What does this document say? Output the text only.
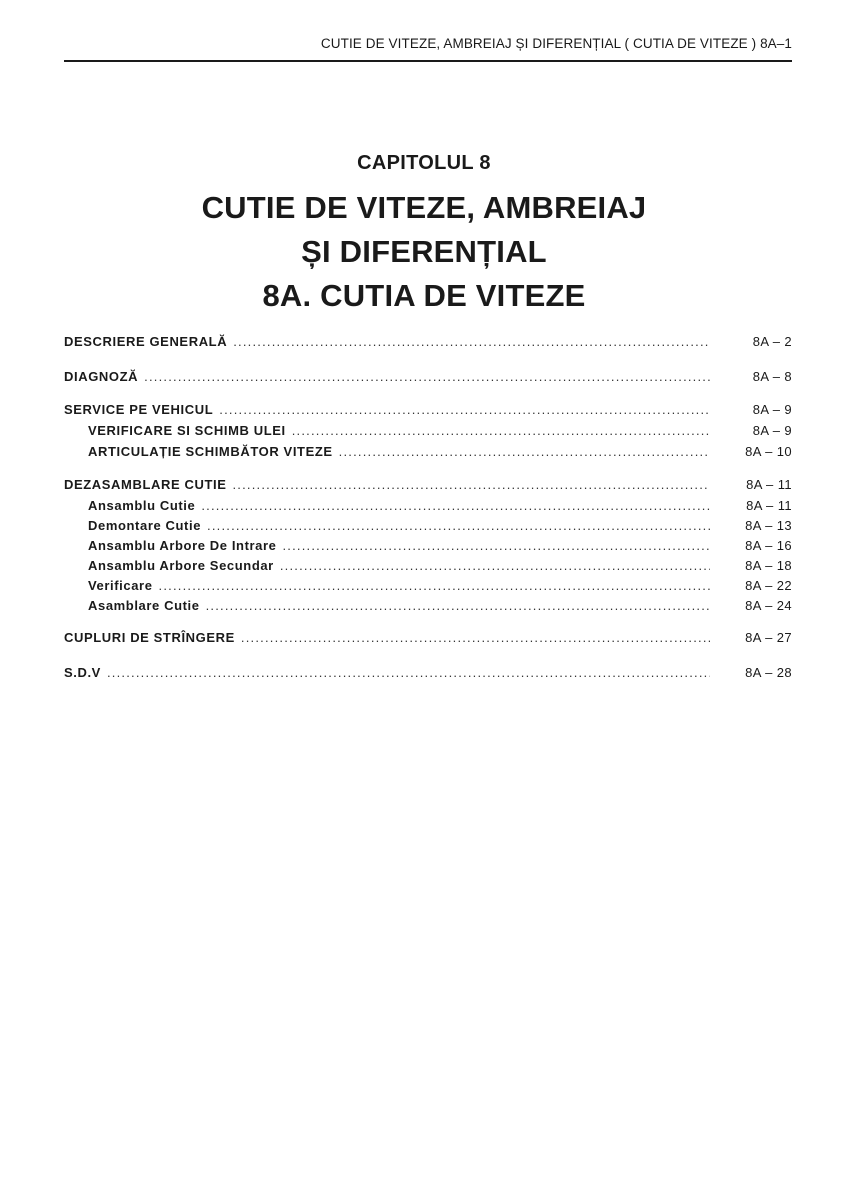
CUTIE DE VITEZE, AMBREIAJ ȘI DIFERENȚIAL ( CUTIA DE VITEZE ) 8A–1
CAPITOLUL 8
CUTIE DE VITEZE, AMBREIAJ
ȘI DIFERENȚIAL
8A. CUTIA DE VITEZE
DESCRIERE GENERALĂ .....	8A – 2
DIAGNOZĂ .....	8A – 8
SERVICE PE VEHICUL .....	8A – 9
VERIFICARE SI SCHIMB ULEI .....	8A – 9
ARTICULAȚIE SCHIMBĂTOR VITEZE .....	8A – 10
DEZASAMBLARE CUTIE .....	8A – 11
Ansamblu Cutie .....	8A – 11
Demontare Cutie .....	8A – 13
Ansamblu Arbore De Intrare .....	8A – 16
Ansamblu Arbore Secundar .....	8A – 18
Verificare .....	8A – 22
Asamblare Cutie .....	8A – 24
CUPLURI DE STRÎNGERE .....	8A – 27
S.D.V .....	8A – 28
